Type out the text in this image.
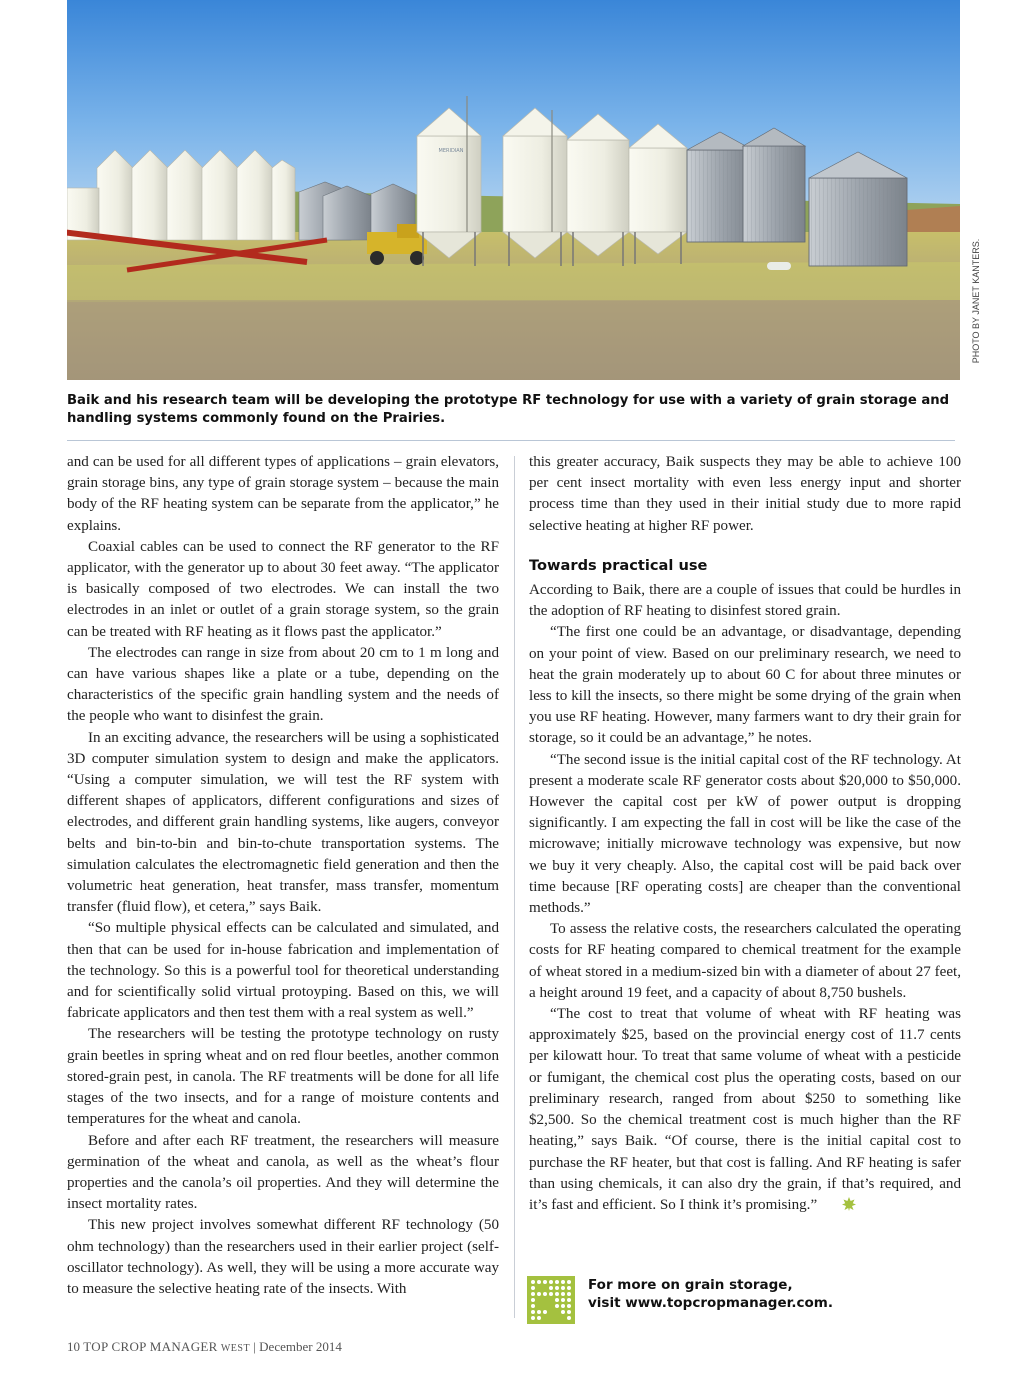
MERIDIAN
PHOTO BY JANET KANTERS.
Baik and his research team will be developing the prototype RF technology for use with a variety of grain storage and handling systems commonly found on the Prairies.

and can be used for all different types of applications – grain elevators, grain storage bins, any type of grain storage system – because the main body of the RF heating system can be separate from the applicator,” he explains.

Coaxial cables can be used to connect the RF generator to the RF applicator, with the generator up to about 30 feet away. “The applicator is basically composed of two electrodes. We can install the two electrodes in an inlet or outlet of a grain storage system, so the grain can be treated with RF heating as it flows past the applicator.”

The electrodes can range in size from about 20 cm to 1 m long and can have various shapes like a plate or a tube, depending on the characteristics of the specific grain handling system and the needs of the people who want to disinfest the grain.

In an exciting advance, the researchers will be using a sophisticated 3D computer simulation system to design and make the applicators. “Using a computer simulation, we will test the RF system with different shapes of applicators, different configurations and sizes of electrodes, and different grain handling systems, like augers, conveyor belts and bin-to-bin and bin-to-chute transportation systems. The simulation calculates the electromagnetic field generation and then the volumetric heat generation, heat transfer, mass transfer, momentum transfer (fluid flow), et cetera,” says Baik.

“So multiple physical effects can be calculated and simulated, and then that can be used for in-house fabrication and implementation of the technology. So this is a powerful tool for theoretical understanding and for scientifically solid virtual protoyping. Based on this, we will fabricate applicators and then test them with a real system as well.”

The researchers will be testing the prototype technology on rusty grain beetles in spring wheat and on red flour beetles, another common stored-grain pest, in canola. The RF treatments will be done for all life stages of the two insects, and for a range of moisture contents and temperatures for the wheat and canola.

Before and after each RF treatment, the researchers will measure germination of the wheat and canola, as well as the wheat’s flour properties and the canola’s oil properties. And they will determine the insect mortality rates.

This new project involves somewhat different RF technology (50 ohm technology) than the researchers used in their earlier project (self-oscillator technology). As well, they will be using a more accurate way to measure the selective heating rate of the insects. With

this greater accuracy, Baik suspects they may be able to achieve 100 per cent insect mortality with even less energy input and shorter process time than they used in their initial study due to more rapid selective heating at higher RF power.

Towards practical use

According to Baik, there are a couple of issues that could be hurdles in the adoption of RF heating to disinfest stored grain.

“The first one could be an advantage, or disadvantage, depending on your point of view. Based on our preliminary research, we need to heat the grain moderately up to about 60 C for about three minutes or less to kill the insects, so there might be some drying of the grain when you use RF heating. However, many farmers want to dry their grain for storage, so it could be an advantage,” he notes.

“The second issue is the initial capital cost of the RF technology. At present a moderate scale RF generator costs about $20,000 to $50,000. However the capital cost per kW of power output is dropping significantly. I am expecting the fall in cost will be like the case of the microwave; initially microwave technology was expensive, but now we buy it very cheaply. Also, the capital cost will be paid back over time because [RF operating costs] are cheaper than the conventional methods.”

To assess the relative costs, the researchers calculated the operating costs for RF heating compared to chemical treatment for the example of wheat stored in a medium-sized bin with a diameter of about 27 feet, a height around 19 feet, and a capacity of about 8,750 bushels.

“The cost to treat that volume of wheat with RF heating was approximately $25, based on the provincial energy cost of 11.7 cents per kilowatt hour. To treat that same volume of wheat with a pesticide or fumigant, the chemical cost plus the operating costs, based on our preliminary research, ranged from about $250 to something like $2,500. So the chemical treatment cost is much higher than the RF heating,” says Baik. “Of course, there is the initial capital cost to purchase the RF heater, but that cost is falling. And RF heating is safer than using chemicals, it can also dry the grain, if that’s required, and it’s fast and efficient. So I think it’s promising.”

For more on grain storage,
visit www.topcropmanager.com.
10 TOP CROP MANAGER WEST | December 2014
